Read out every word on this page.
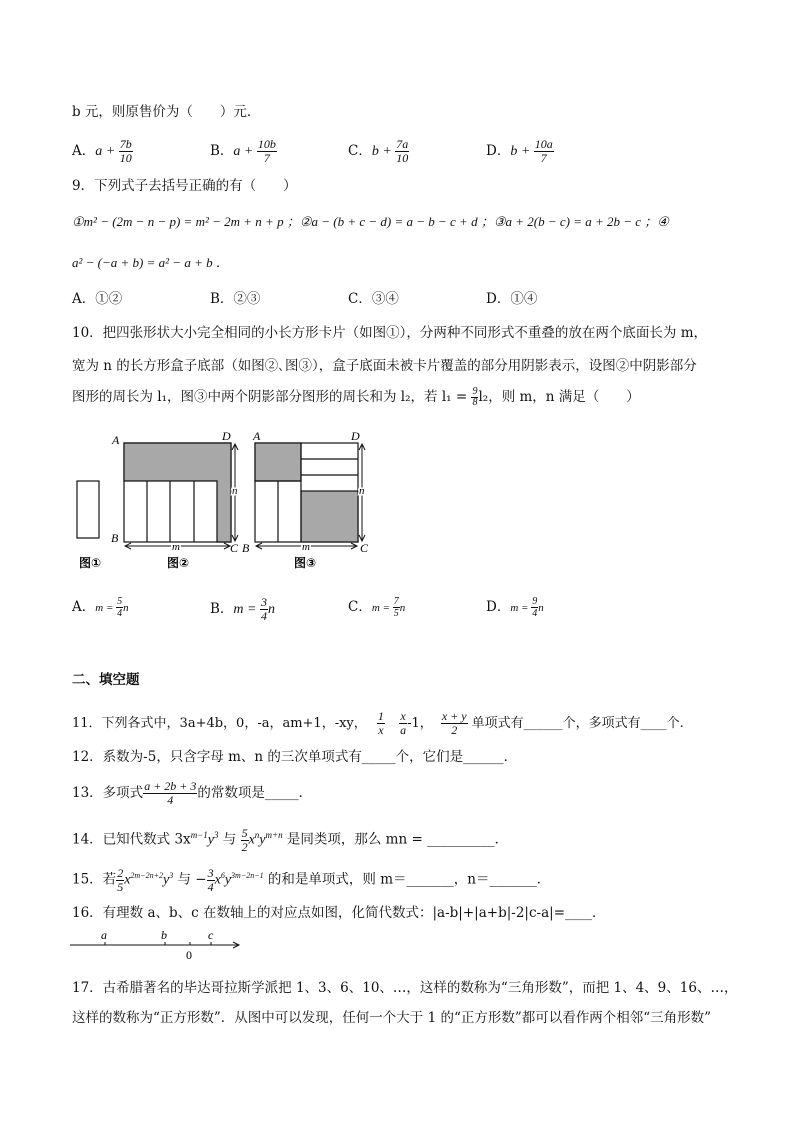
b 元，则原售价为（　　）元．
A．$a + \frac{7b}{10}$	B．$a + \frac{10b}{7}$	C．$b + \frac{7a}{10}$	D．$b + \frac{10a}{7}$
9．下列式子去括号正确的有（　　）
①m² − (2m − n − p) = m² − 2m + n + p ；②a − (b + c − d) = a − b − c + d ；③a + 2(b − c) = a + 2b − c ；④
a² − (−a + b) = a² − a + b ．
A．①②	B．②③	C．③④	D．①④
10．把四张形状大小完全相同的小长方形卡片（如图①），分两种不同形式不重叠的放在两个底面长为 m，
宽为 n 的长方形盒子底部（如图②､图③），盒子底面未被卡片覆盖的部分用阴影表示，设图②中阴影部分
图形的周长为 l₁，图③中两个阴影部分图形的周长和为 l₂，若 $l_1 = \frac{9}{8} l_2$，则 m，n 满足（　　）
A	D
B
C
n
m
A	D
B	C
n
m
图①	图②	图③
A．$m = \frac{5}{4}$ n	B．$m = \frac{3}{4}$ n	C．$m = \frac{7}{5}$ n	D．$m = \frac{9}{4}$ n
二、填空题
11．下列各式中，3a+4b，0，-a，am+1，-xy， $\frac{1}{x}$
$\frac{x}{a} -1$， $\frac{x + y}{2}$ 单项式有______个，多项式有____个.
12．系数为-5，只含字母 m、n 的三次单项式有_____个，它们是______．
13．多项式 $\frac{a + 2b + 3}{4}$ 的常数项是_____．
14．已知代数式 $3x^{m-1}y^3$ 与 $\frac{5}{2} x^ny^{m+n}$ 是同类项，那么 mn = __________．
15．若 $\frac{2}{5} x^{2m-2n+2}y^3$ 与 − $\frac{3}{4} x^6y^{3m-2n-1}$ 的和是单项式，则 m＝_______，n＝_______．
16．有理数 a、b、c 在数轴上的对应点如图，化简代数式：|a-b|+|a+b|-2|c-a|=____．
a	b	c
0
17．古希腊著名的毕达哥拉斯学派把 1、3、6、10、…，这样的数称为“三角形数”，而把 1、4、9、16、…，
这样的数称为“正方形数”．从图中可以发现，任何一个大于 1 的“正方形数”都可以看作两个相邻“三角形数”
